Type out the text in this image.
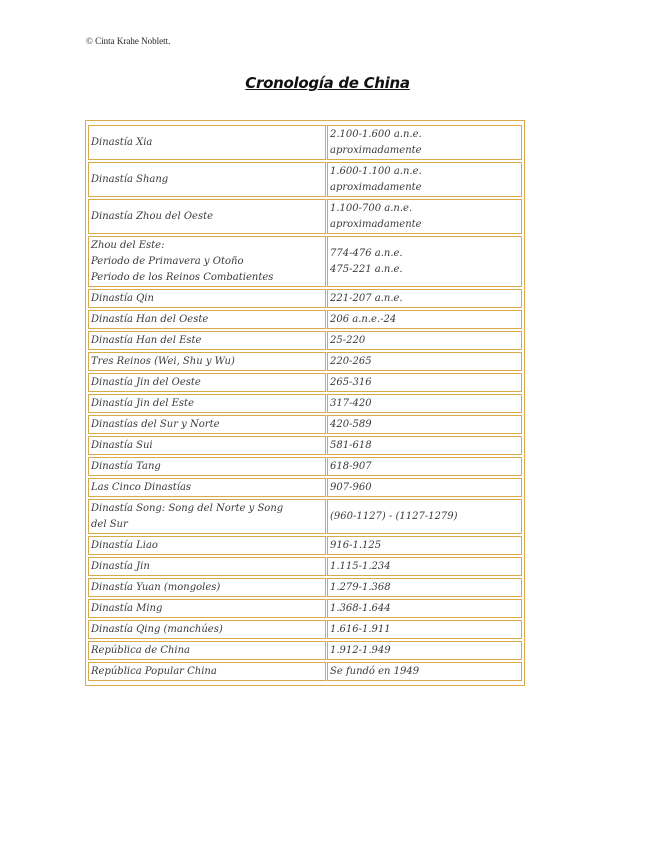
© Cinta Krahe Noblett.
Cronología de China
Dinastía Xia	2.100-1.600 a.n.e.
aproximadamente

Dinastía Shang	1.600-1.100 a.n.e.
aproximadamente

Dinastía Zhou del Oeste	1.100-700 a.n.e.
aproximadamente

Zhou del Este:
Periodo de Primavera y Otoño
Periodo de los Reinos Combatientes	774-476 a.n.e.
475-221 a.n.e.

Dinastía Qin	221-207 a.n.e.

Dinastía Han del Oeste	206 a.n.e.-24

Dinastía Han del Este	25-220

Tres Reinos (Wei, Shu y Wu)	220-265

Dinastía Jin del Oeste	265-316

Dinastía Jin del Este	317-420

Dinastías del Sur y Norte	420-589

Dinastía Sui	581-618

Dinastía Tang	618-907

Las Cinco Dinastías	907-960

Dinastía Song: Song del Norte y Song
del Sur	(960-1127) - (1127-1279)

Dinastía Liao	916-1.125

Dinastía Jin	1.115-1.234

Dinastía Yuan (mongoles)	1.279-1.368

Dinastía Ming	1.368-1.644

Dinastía Qing (manchúes)	1.616-1.911

República de China	1.912-1.949

República Popular China	Se fundó en 1949
